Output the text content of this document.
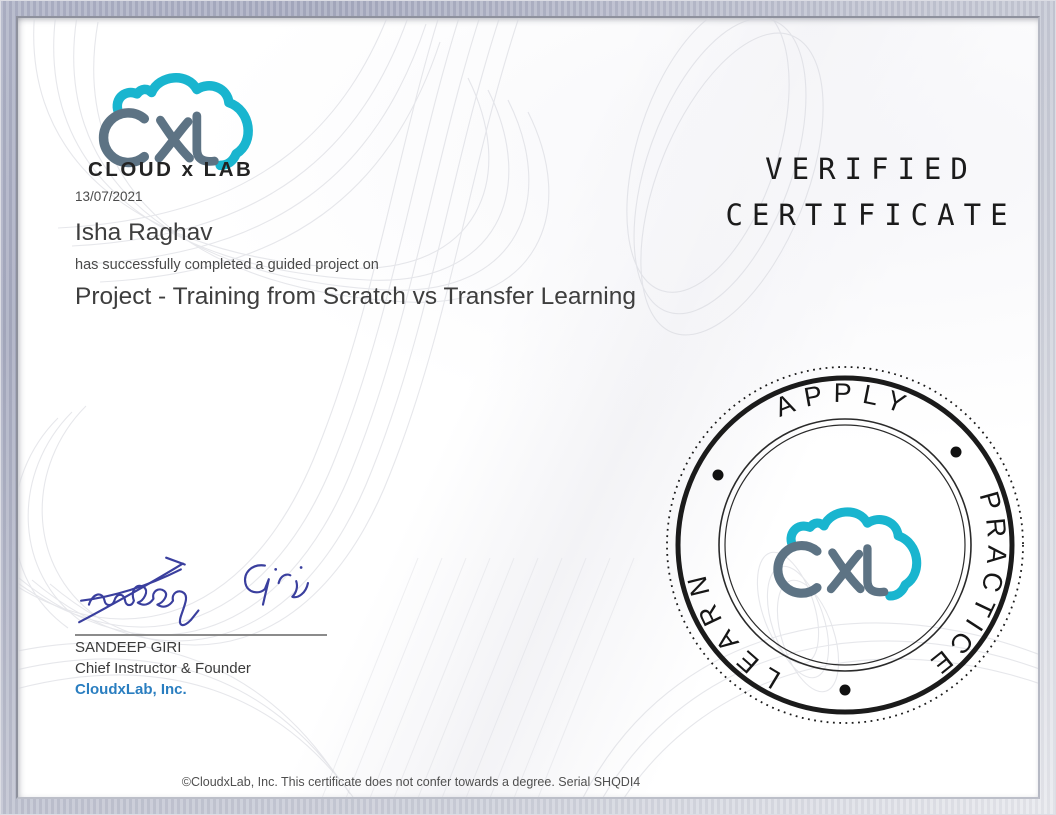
CLOUD x LAB
13/07/2021
Isha Raghav
has successfully completed a guided project on
Project - Training from Scratch vs Transfer Learning
VERIFIED
CERTIFICATE
APPLY
PRACTICE
LEARN
SANDEEP GIRI
Chief Instructor & Founder
CloudxLab, Inc.
©CloudxLab, Inc. This certificate does not confer towards a degree. Serial SHQDI4
